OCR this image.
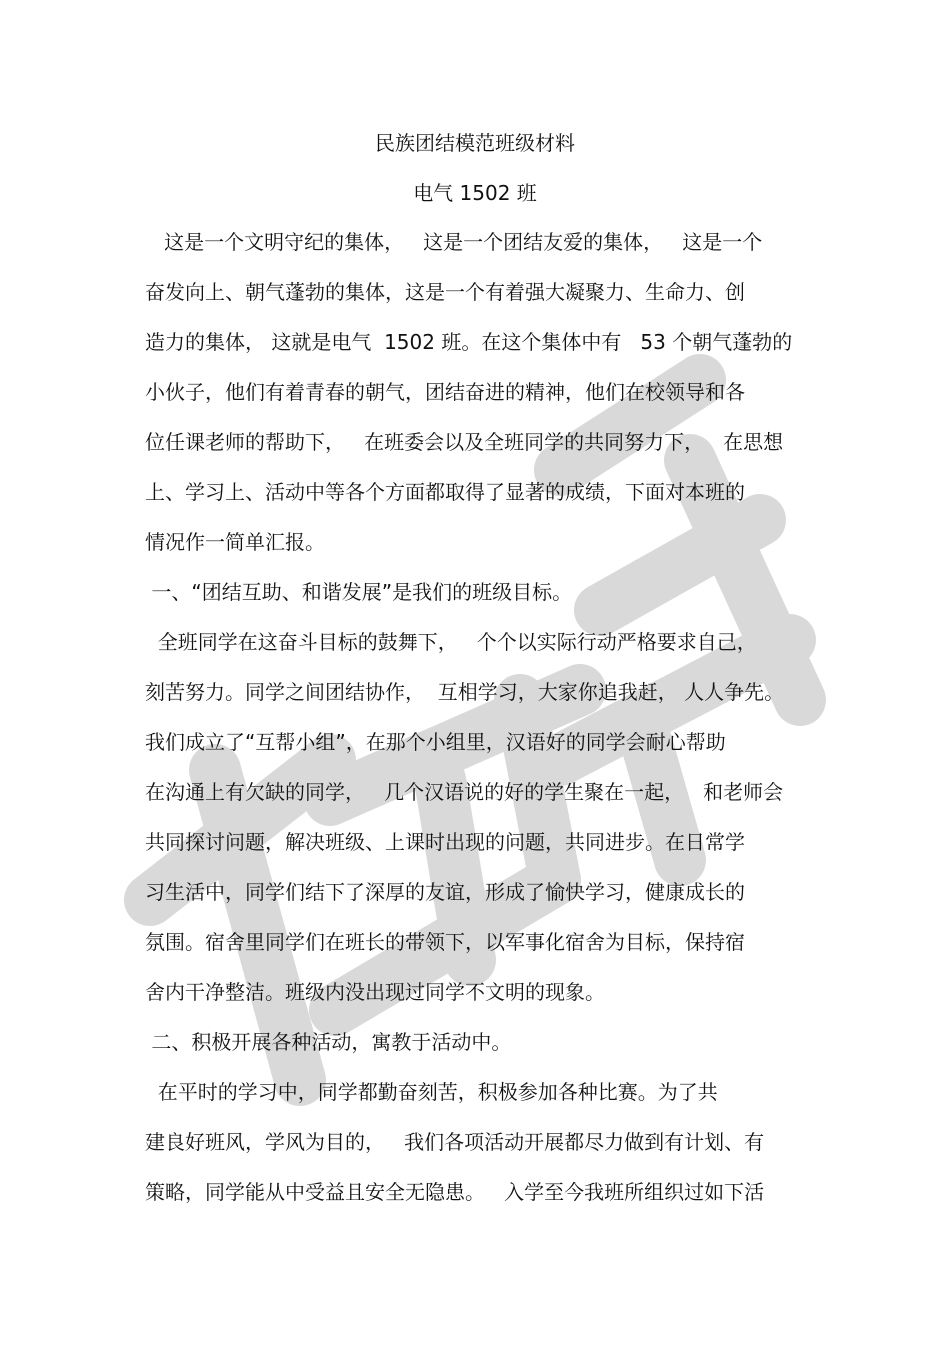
民族团结模范班级材料
电气 1502 班
这是一个文明守纪的集体，   这是一个团结友爱的集体，   这是一个
奋发向上、朝气蓬勃的集体，这是一个有着强大凝聚力、生命力、创
造力的集体， 这就是电气  1502 班。在这个集体中有   53 个朝气蓬勃的
小伙子，他们有着青春的朝气，团结奋进的精神，他们在校领导和各
位任课老师的帮助下，   在班委会以及全班同学的共同努力下，   在思想
上、学习上、活动中等各个方面都取得了显著的成绩，下面对本班的
情况作一简单汇报。
一、“团结互助、和谐发展”是我们的班级目标。
全班同学在这奋斗目标的鼓舞下，   个个以实际行动严格要求自己，
刻苦努力。同学之间团结协作，  互相学习，大家你追我赶， 人人争先。
我们成立了“互帮小组”，在那个小组里，汉语好的同学会耐心帮助
在沟通上有欠缺的同学，   几个汉语说的好的学生聚在一起，   和老师会
共同探讨问题，解决班级、上课时出现的问题，共同进步。在日常学
习生活中，同学们结下了深厚的友谊，形成了愉快学习，健康成长的
氛围。宿舍里同学们在班长的带领下，以军事化宿舍为目标，保持宿
舍内干净整洁。班级内没出现过同学不文明的现象。
二、积极开展各种活动，寓教于活动中。
在平时的学习中，同学都勤奋刻苦，积极参加各种比赛。为了共
建良好班风，学风为目的，   我们各项活动开展都尽力做到有计划、有
策略，同学能从中受益且安全无隐患。   入学至今我班所组织过如下活
